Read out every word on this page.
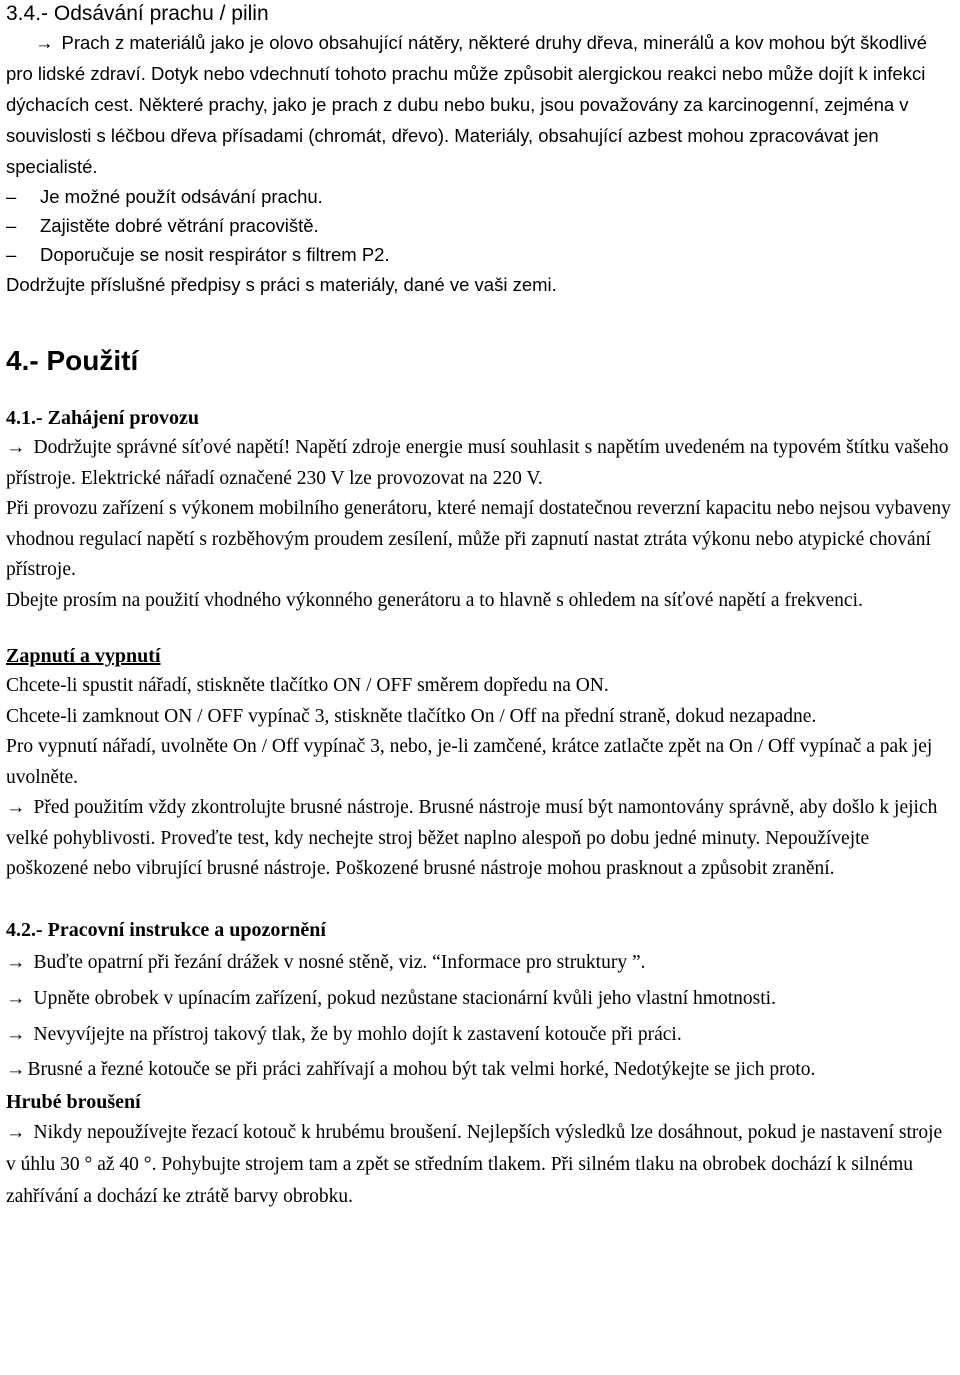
3.4.- Odsávání prachu / pilin

→ Prach z materiálů jako je olovo obsahující nátěry, některé druhy dřeva, minerálů a kov mohou být škodlivé pro lidské zdraví. Dotyk nebo vdechnutí tohoto prachu může způsobit alergickou reakci nebo může dojít k infekci dýchacích cest. Některé prachy, jako je prach z dubu nebo buku, jsou považovány za karcinogenní, zejména v souvislosti s léčbou dřeva přísadami (chromát, dřevo). Materiály, obsahující azbest mohou zpracovávat jen specialisté.

–	Je možné použít odsávání prachu.

–	Zajistěte dobré větrání pracoviště.

–	Doporučuje se nosit respirátor s filtrem P2.

Dodržujte příslušné předpisy s práci s materiály, dané ve vaši zemi.

4.- Použití
4.1.- Zahájení provozu

→ Dodržujte správné síťové napětí! Napětí zdroje energie musí souhlasit s napětím uvedeném na typovém štítku vašeho přístroje. Elektrické nářadí označené 230 V lze provozovat na 220 V.

Při provozu zařízení s výkonem mobilního generátoru, které nemají dostatečnou reverzní kapacitu nebo nejsou vybaveny vhodnou regulací napětí s rozběhovým proudem zesílení, může při zapnutí nastat ztráta výkonu nebo atypické chování přístroje.

Dbejte prosím na použití vhodného výkonného generátoru a to hlavně s ohledem na síťové napětí a frekvenci.

Zapnutí a vypnutí

Chcete-li spustit nářadí, stiskněte tlačítko ON / OFF směrem dopředu na ON.

Chcete-li zamknout ON / OFF vypínač 3, stiskněte tlačítko On / Off na přední straně, dokud nezapadne.

Pro vypnutí nářadí, uvolněte On / Off vypínač 3, nebo, je-li zamčené, krátce zatlačte zpět na On / Off vypínač a pak jej uvolněte.

→ Před použitím vždy zkontrolujte brusné nástroje. Brusné nástroje musí být namontovány správně, aby došlo k jejich velké pohyblivosti. Proveďte test, kdy nechejte stroj běžet naplno alespoň po dobu jedné minuty. Nepoužívejte poškozené nebo vibrující brusné nástroje. Poškozené brusné nástroje mohou prasknout a způsobit zranění.

4.2.- Pracovní instrukce a upozornění

→ Buďte opatrní při řezání drážek v nosné stěně, viz. “Informace pro struktury ”.

→ Upněte obrobek v upínacím zařízení, pokud nezůstane stacionární kvůli jeho vlastní hmotnosti.

→ Nevyvíjejte na přístroj takový tlak, že by mohlo dojít k zastavení kotouče při práci.

→ Brusné a řezné kotouče se při práci zahřívají a mohou být tak velmi horké, Nedotýkejte se jich proto.

Hrubé broušení

→ Nikdy nepoužívejte řezací kotouč k hrubému broušení. Nejlepších výsledků lze dosáhnout, pokud je nastavení stroje v úhlu 30 ° až 40 °. Pohybujte strojem tam a zpět se středním tlakem. Při silném tlaku na obrobek dochází k silnému zahřívání a dochází ke ztrátě barvy obrobku.
